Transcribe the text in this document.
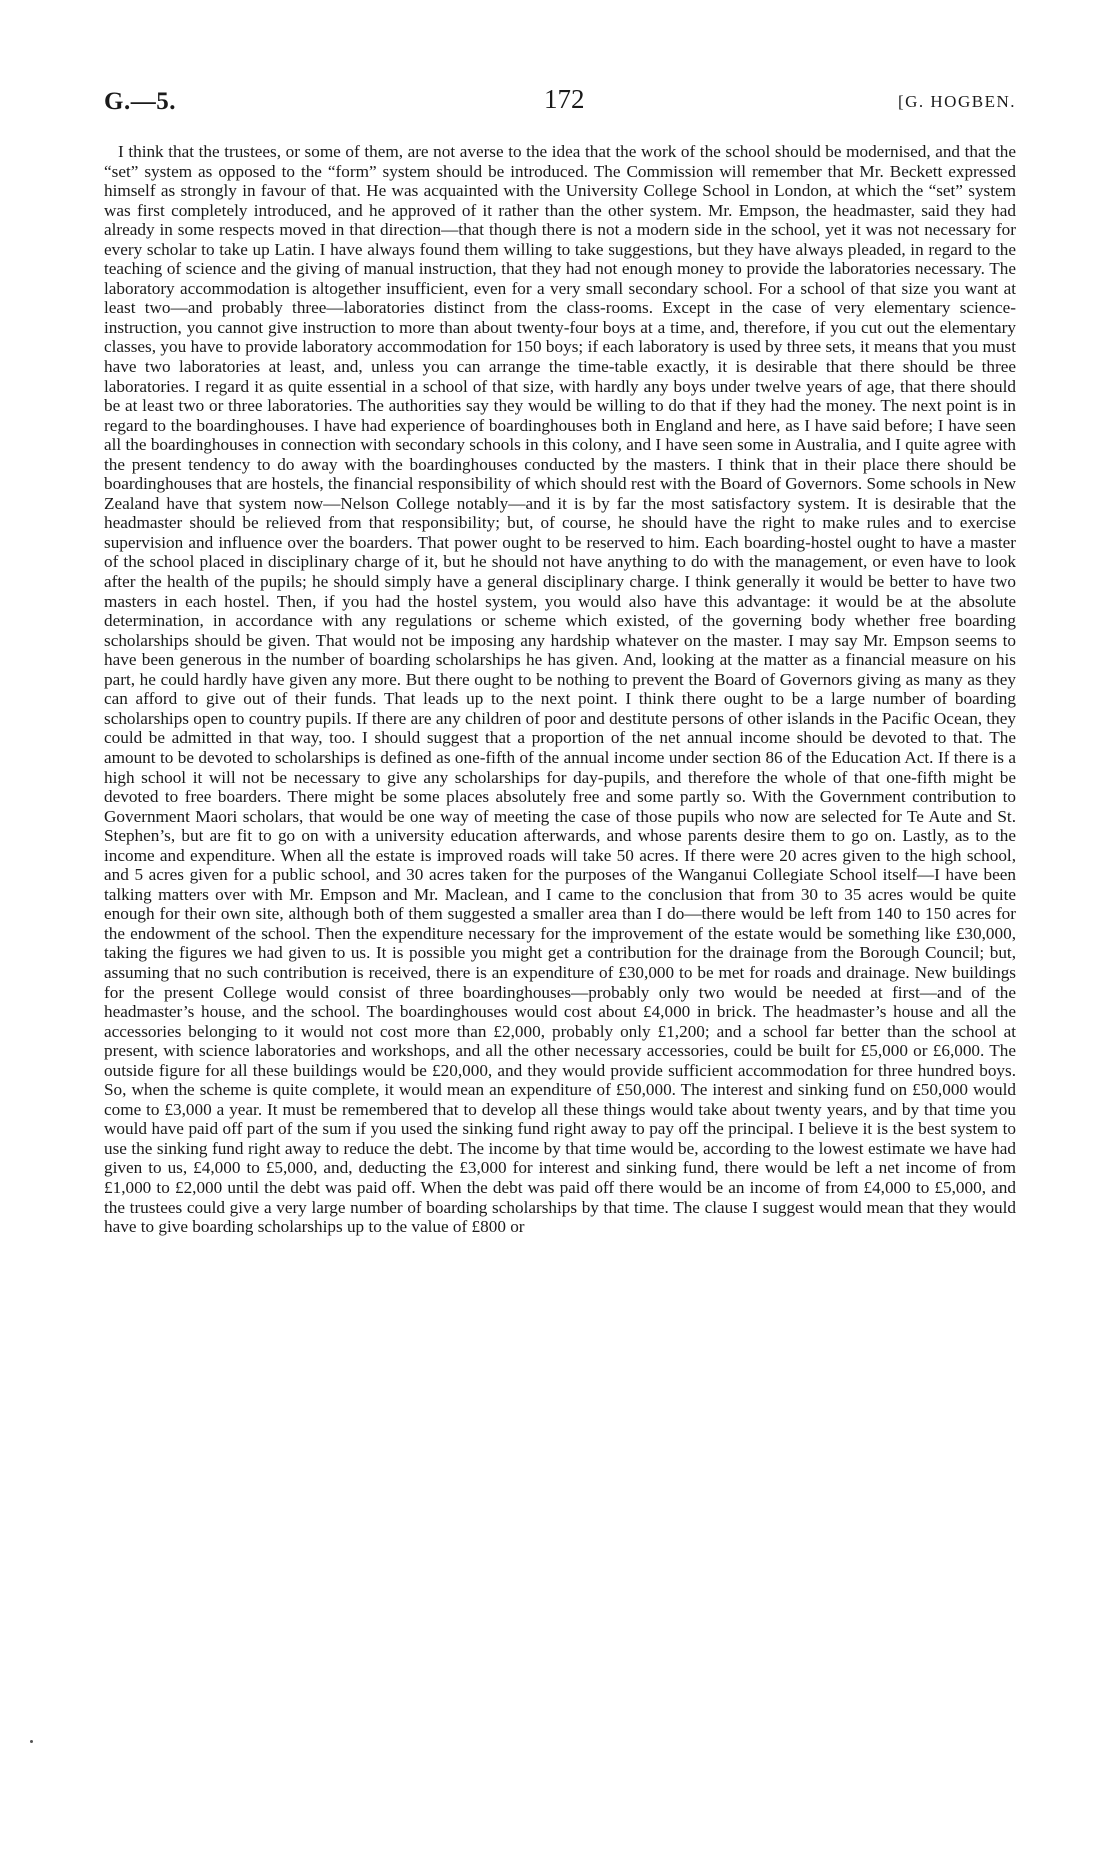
G.—5.	172	[G. HOGBEN.

I think that the trustees, or some of them, are not averse to the idea that the work of the school should be modernised, and that the “set” system as opposed to the “form” system should be introduced. The Commission will remember that Mr. Beckett expressed himself as strongly in favour of that. He was acquainted with the University College School in London, at which the “set” system was first completely introduced, and he approved of it rather than the other system. Mr. Empson, the headmaster, said they had already in some respects moved in that direction—that though there is not a modern side in the school, yet it was not necessary for every scholar to take up Latin. I have always found them willing to take suggestions, but they have always pleaded, in regard to the teaching of science and the giving of manual instruction, that they had not enough money to provide the laboratories necessary. The laboratory accommodation is altogether insufficient, even for a very small secondary school. For a school of that size you want at least two—and probably three—laboratories distinct from the class-rooms. Except in the case of very elementary science-instruction, you cannot give instruction to more than about twenty-four boys at a time, and, therefore, if you cut out the elementary classes, you have to provide laboratory accommodation for 150 boys; if each laboratory is used by three sets, it means that you must have two laboratories at least, and, unless you can arrange the time-table exactly, it is desirable that there should be three laboratories. I regard it as quite essential in a school of that size, with hardly any boys under twelve years of age, that there should be at least two or three laboratories. The authorities say they would be willing to do that if they had the money. The next point is in regard to the boardinghouses. I have had experience of boardinghouses both in England and here, as I have said before; I have seen all the boardinghouses in connection with secondary schools in this colony, and I have seen some in Australia, and I quite agree with the present tendency to do away with the boardinghouses conducted by the masters. I think that in their place there should be boardinghouses that are hostels, the financial responsibility of which should rest with the Board of Governors. Some schools in New Zealand have that system now—Nelson College notably—and it is by far the most satisfactory system. It is desirable that the headmaster should be relieved from that responsibility; but, of course, he should have the right to make rules and to exercise supervision and influence over the boarders. That power ought to be reserved to him. Each boarding-hostel ought to have a master of the school placed in disciplinary charge of it, but he should not have anything to do with the management, or even have to look after the health of the pupils; he should simply have a general disciplinary charge. I think generally it would be better to have two masters in each hostel. Then, if you had the hostel system, you would also have this advantage: it would be at the absolute determination, in accordance with any regulations or scheme which existed, of the governing body whether free boarding scholarships should be given. That would not be imposing any hardship whatever on the master. I may say Mr. Empson seems to have been generous in the number of boarding scholarships he has given. And, looking at the matter as a financial measure on his part, he could hardly have given any more. But there ought to be nothing to prevent the Board of Governors giving as many as they can afford to give out of their funds. That leads up to the next point. I think there ought to be a large number of boarding scholarships open to country pupils. If there are any children of poor and destitute persons of other islands in the Pacific Ocean, they could be admitted in that way, too. I should suggest that a proportion of the net annual income should be devoted to that. The amount to be devoted to scholarships is defined as one-fifth of the annual income under section 86 of the Education Act. If there is a high school it will not be necessary to give any scholarships for day-pupils, and therefore the whole of that one-fifth might be devoted to free boarders. There might be some places absolutely free and some partly so. With the Government contribution to Government Maori scholars, that would be one way of meeting the case of those pupils who now are selected for Te Aute and St. Stephen’s, but are fit to go on with a university education afterwards, and whose parents desire them to go on. Lastly, as to the income and expenditure. When all the estate is improved roads will take 50 acres. If there were 20 acres given to the high school, and 5 acres given for a public school, and 30 acres taken for the purposes of the Wanganui Collegiate School itself—I have been talking matters over with Mr. Empson and Mr. Maclean, and I came to the conclusion that from 30 to 35 acres would be quite enough for their own site, although both of them suggested a smaller area than I do—there would be left from 140 to 150 acres for the endowment of the school. Then the expenditure necessary for the improvement of the estate would be something like £30,000, taking the figures we had given to us. It is possible you might get a contribution for the drainage from the Borough Council; but, assuming that no such contribution is received, there is an expenditure of £30,000 to be met for roads and drainage. New buildings for the present College would consist of three boardinghouses—probably only two would be needed at first—and of the headmaster’s house, and the school. The boardinghouses would cost about £4,000 in brick. The headmaster’s house and all the accessories belonging to it would not cost more than £2,000, probably only £1,200; and a school far better than the school at present, with science laboratories and workshops, and all the other necessary accessories, could be built for £5,000 or £6,000. The outside figure for all these buildings would be £20,000, and they would provide sufficient accommodation for three hundred boys. So, when the scheme is quite complete, it would mean an expenditure of £50,000. The interest and sinking fund on £50,000 would come to £3,000 a year. It must be remembered that to develop all these things would take about twenty years, and by that time you would have paid off part of the sum if you used the sinking fund right away to pay off the principal. I believe it is the best system to use the sinking fund right away to reduce the debt. The income by that time would be, according to the lowest estimate we have had given to us, £4,000 to £5,000, and, deducting the £3,000 for interest and sinking fund, there would be left a net income of from £1,000 to £2,000 until the debt was paid off. When the debt was paid off there would be an income of from £4,000 to £5,000, and the trustees could give a very large number of boarding scholarships by that time. The clause I suggest would mean that they would have to give boarding scholarships up to the value of £800 or
